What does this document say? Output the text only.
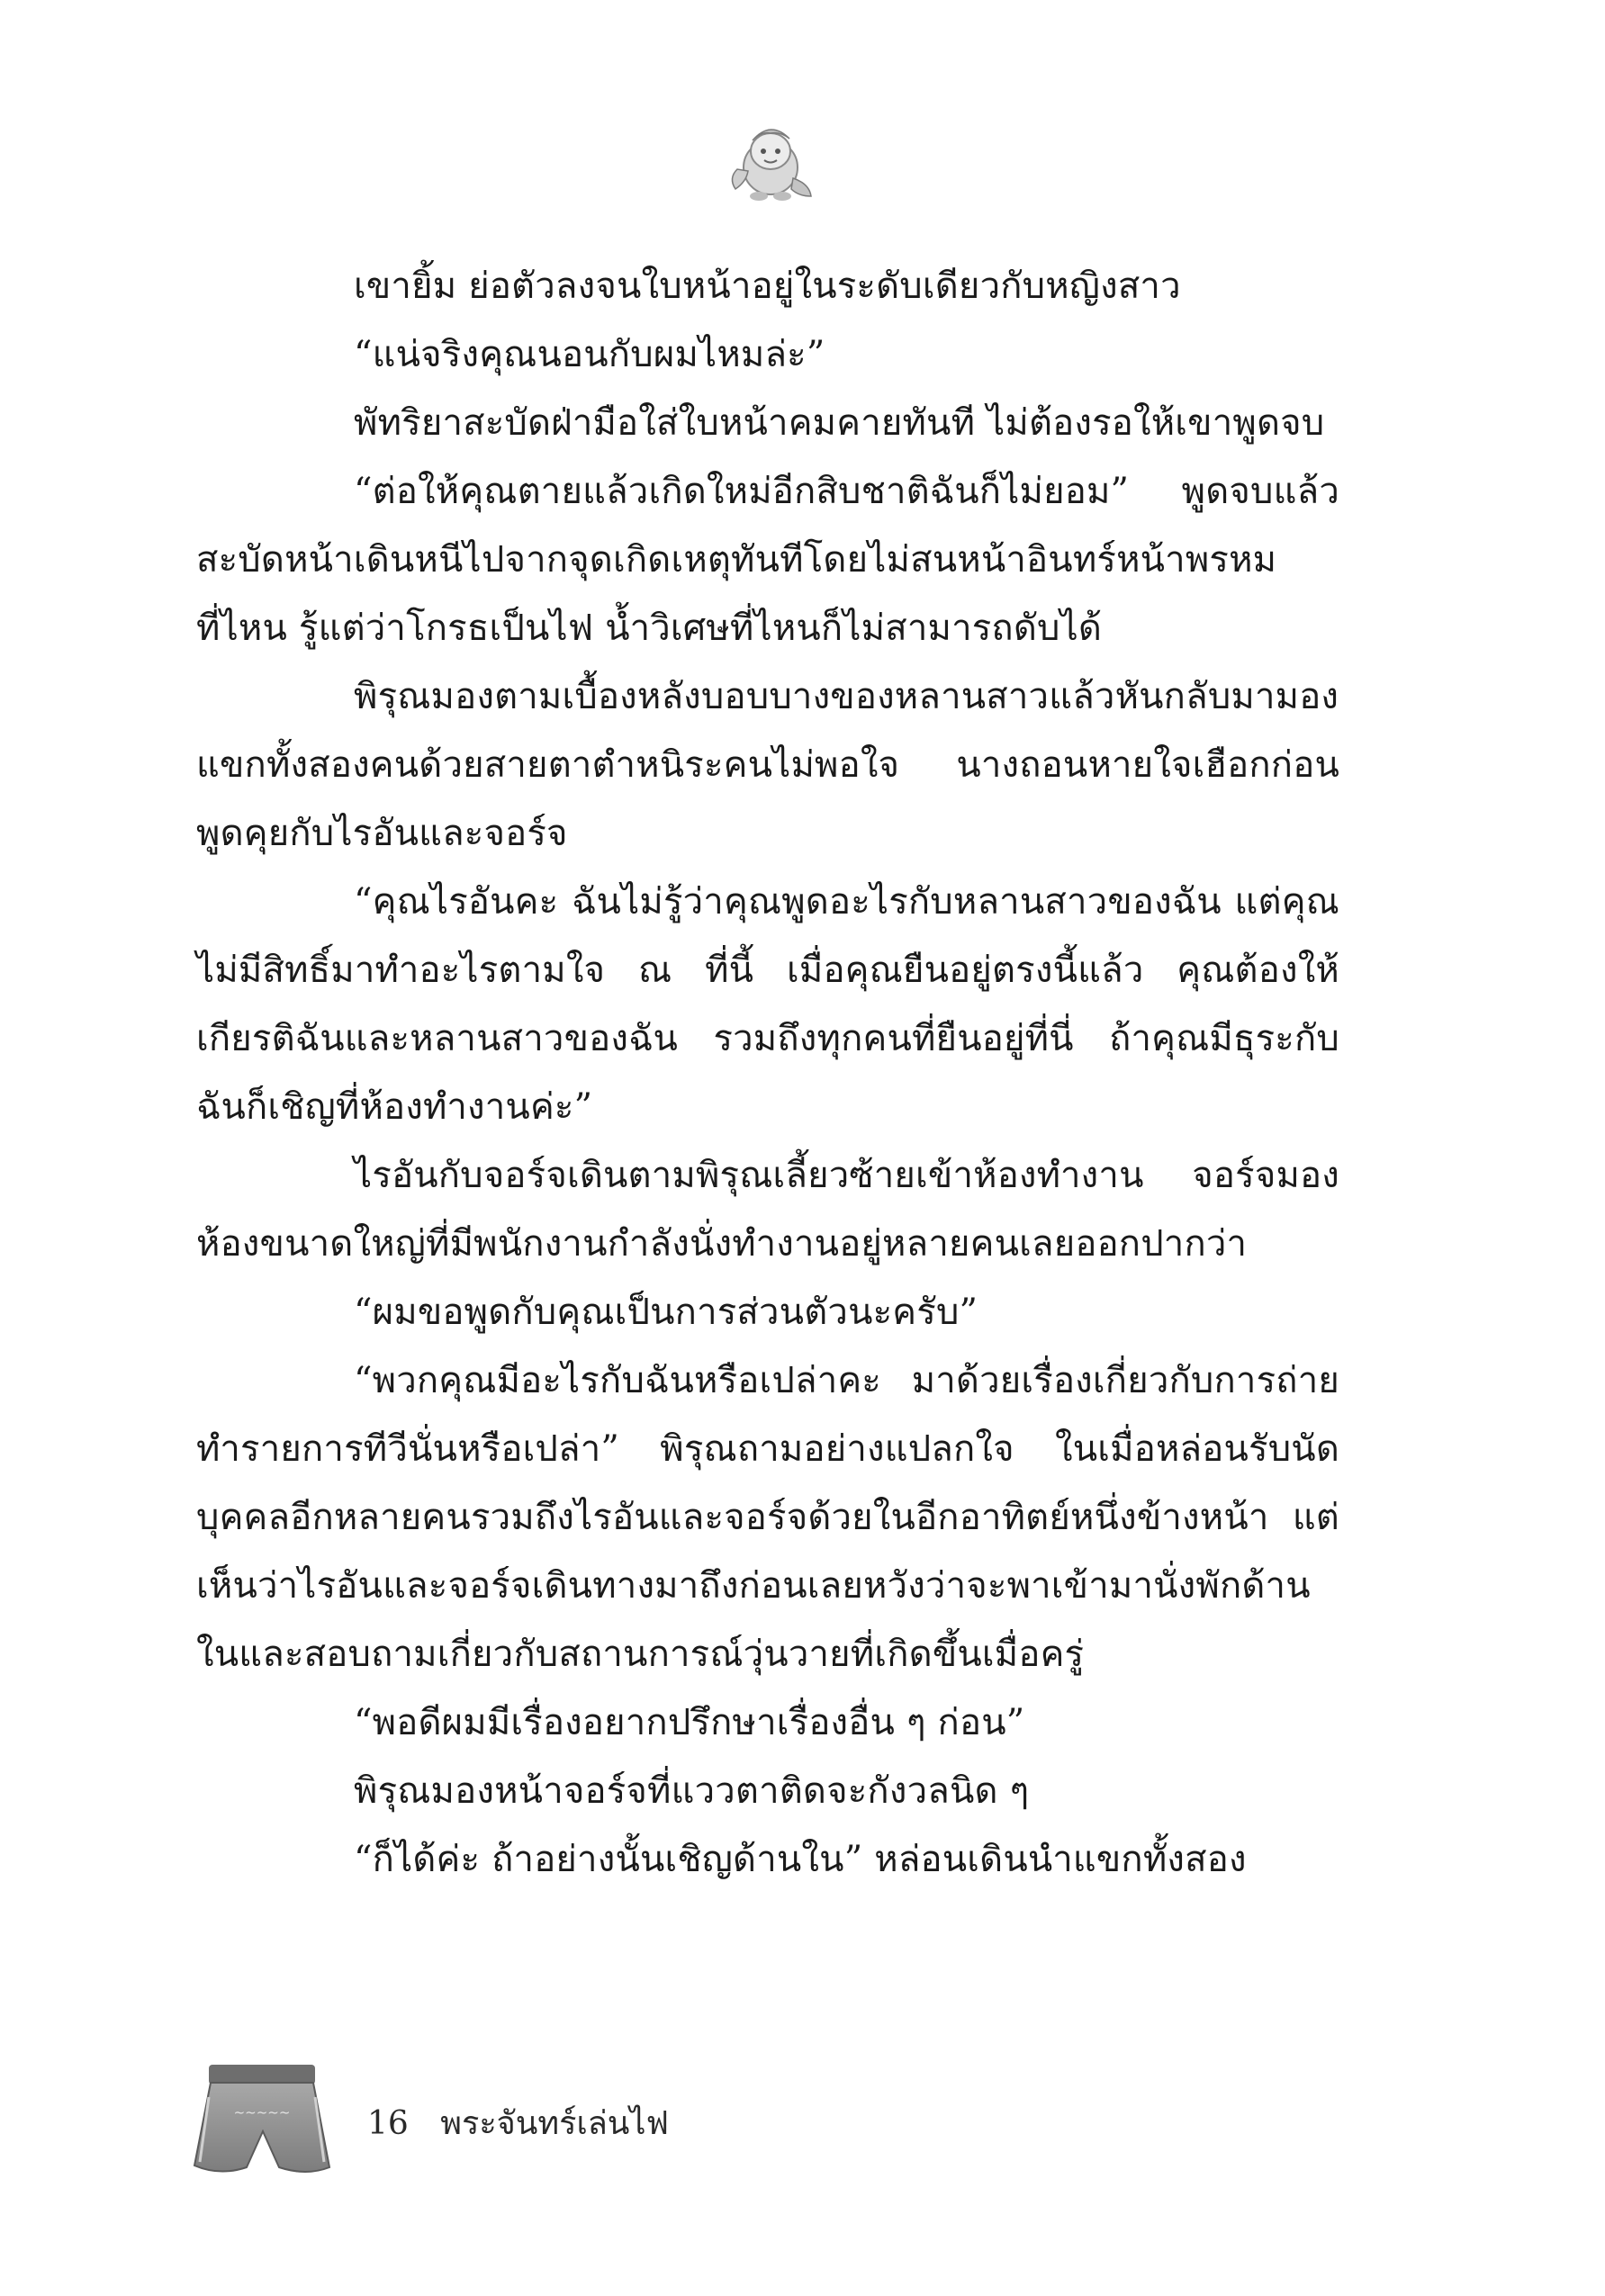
เขายิ้ม ย่อตัวลงจนใบหน้าอยู่ในระดับเดียวกับหญิงสาว

“แน่จริงคุณนอนกับผมไหมล่ะ”

พัทริยาสะบัดฝ่ามือใส่ใบหน้าคมคายทันที ไม่ต้องรอให้เขาพูดจบ

“ต่อให้คุณตายแล้วเกิดใหม่อีกสิบชาติฉันก็ไม่ยอม” พูดจบแล้วสะบัดหน้าเดินหนีไปจากจุดเกิดเหตุทันทีโดยไม่สนหน้าอินทร์หน้าพรหมที่ไหน รู้แต่ว่าโกรธเป็นไฟ น้ำวิเศษที่ไหนก็ไม่สามารถดับได้

พิรุณมองตามเบื้องหลังบอบบางของหลานสาวแล้วหันกลับมามองแขกทั้งสองคนด้วยสายตาตำหนิระคนไม่พอใจ นางถอนหายใจเฮือกก่อนพูดคุยกับไรอันและจอร์จ

“คุณไรอันคะ ฉันไม่รู้ว่าคุณพูดอะไรกับหลานสาวของฉัน แต่คุณไม่มีสิทธิ์มาทำอะไรตามใจ ณ ที่นี้ เมื่อคุณยืนอยู่ตรงนี้แล้ว คุณต้องให้เกียรติฉันและหลานสาวของฉัน รวมถึงทุกคนที่ยืนอยู่ที่นี่ ถ้าคุณมีธุระกับฉันก็เชิญที่ห้องทำงานค่ะ”

ไรอันกับจอร์จเดินตามพิรุณเลี้ยวซ้ายเข้าห้องทำงาน จอร์จมองห้องขนาดใหญ่ที่มีพนักงานกำลังนั่งทำงานอยู่หลายคนเลยออกปากว่า

“ผมขอพูดกับคุณเป็นการส่วนตัวนะครับ”

“พวกคุณมีอะไรกับฉันหรือเปล่าคะ มาด้วยเรื่องเกี่ยวกับการถ่ายทำรายการทีวีนั่นหรือเปล่า” พิรุณถามอย่างแปลกใจ ในเมื่อหล่อนรับนัดบุคคลอีกหลายคนรวมถึงไรอันและจอร์จด้วยในอีกอาทิตย์หนึ่งข้างหน้า แต่เห็นว่าไรอันและจอร์จเดินทางมาถึงก่อนเลยหวังว่าจะพาเข้ามานั่งพักด้านในและสอบถามเกี่ยวกับสถานการณ์วุ่นวายที่เกิดขึ้นเมื่อครู่

“พอดีผมมีเรื่องอยากปรึกษาเรื่องอื่น ๆ ก่อน”

พิรุณมองหน้าจอร์จที่แววตาติดจะกังวลนิด ๆ

“ก็ได้ค่ะ ถ้าอย่างนั้นเชิญด้านใน” หล่อนเดินนำแขกทั้งสอง

~~~~~ 16 พระจันทร์เล่นไฟ
